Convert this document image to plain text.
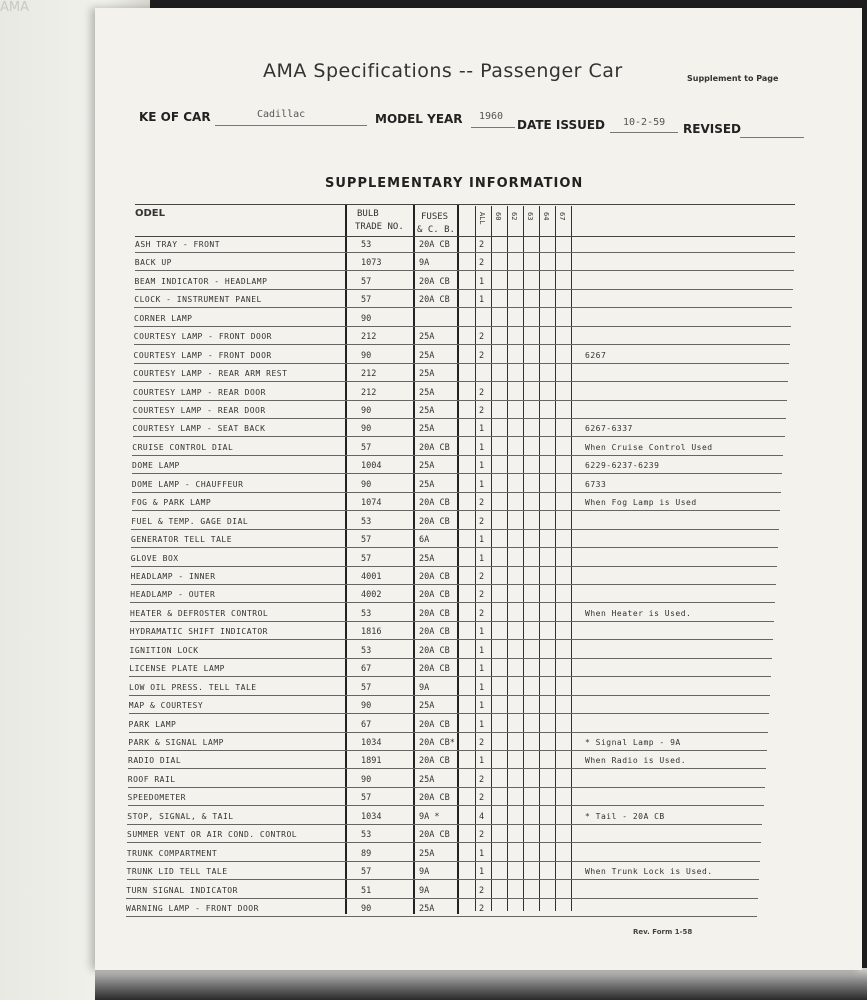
AMA
AMA Specifications -- Passenger Car	Supplement to Page
KE OF CAR	Cadillac	MODEL YEAR 1960
DATE ISSUED 10-2-59 REVISED
SUPPLEMENTARY INFORMATION
ODEL	BULB
TRADE NO.
FUSES
& C. B.
ALL 60 62 63 64 67
ASH TRAY - FRONT	53	20A CB	2
BACK UP	1073	9A	2
BEAM INDICATOR - HEADLAMP	57	20A CB	1
CLOCK - INSTRUMENT PANEL	57	20A CB	1
CORNER LAMP	90
COURTESY LAMP - FRONT DOOR	212	25A	2
COURTESY LAMP - FRONT DOOR	90	25A	2	6267
COURTESY LAMP - REAR ARM REST	212	25A
COURTESY LAMP - REAR DOOR	212	25A	2
COURTESY LAMP - REAR DOOR	90	25A	2
COURTESY LAMP - SEAT BACK	90	25A	1	6267-6337
CRUISE CONTROL DIAL	57	20A CB	1	When Cruise Control Used
DOME LAMP	1004	25A	1	6229-6237-6239
DOME LAMP - CHAUFFEUR	90	25A	1	6733
FOG & PARK LAMP	1074	20A CB	2	When Fog Lamp is Used
FUEL & TEMP. GAGE DIAL	53	20A CB	2
GENERATOR TELL TALE	57	6A	1
GLOVE BOX	57	25A	1
HEADLAMP - INNER	4001	20A CB	2
HEADLAMP - OUTER	4002	20A CB	2
HEATER & DEFROSTER CONTROL	53	20A CB	2	When Heater is Used.
HYDRAMATIC SHIFT INDICATOR	1816	20A CB	1
IGNITION LOCK	53	20A CB	1
LICENSE PLATE LAMP	67	20A CB	1
LOW OIL PRESS. TELL TALE	57	9A	1
MAP & COURTESY	90	25A	1
PARK LAMP	67	20A CB	1
PARK & SIGNAL LAMP	1034	20A CB*	2	* Signal Lamp - 9A
RADIO DIAL	1891	20A CB	1	When Radio is Used.
ROOF RAIL	90	25A	2
SPEEDOMETER	57	20A CB	2
STOP, SIGNAL, & TAIL	1034	9A *	4	* Tail - 20A CB
SUMMER VENT OR AIR COND. CONTROL	53	20A CB	2
TRUNK COMPARTMENT	89	25A	1
TRUNK LID TELL TALE	57	9A	1	When Trunk Lock is Used.
TURN SIGNAL INDICATOR	51	9A	2
WARNING LAMP - FRONT DOOR	90	25A	2
Rev. Form 1-58
